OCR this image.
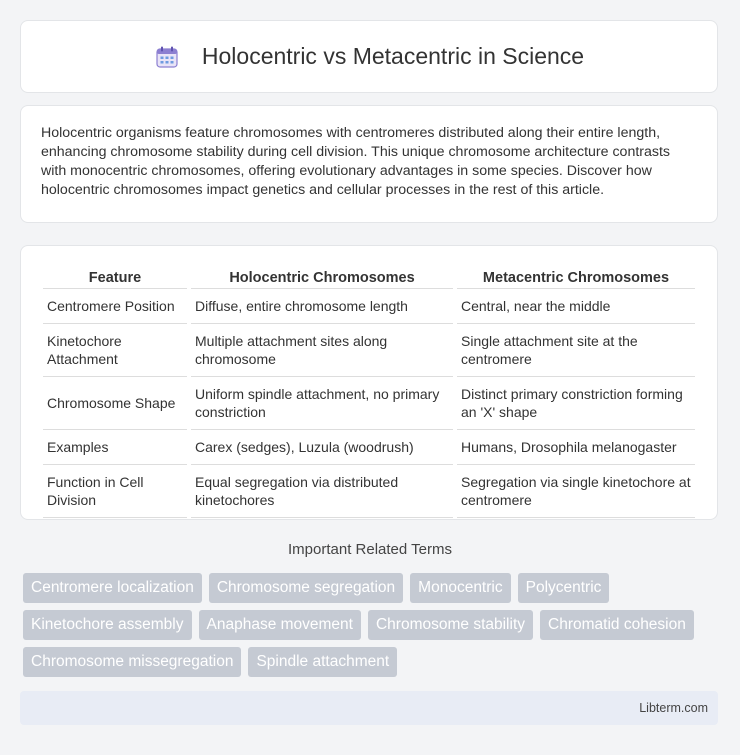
Holocentric vs Metacentric in Science

Holocentric organisms feature chromosomes with centromeres distributed along their entire length, enhancing chromosome stability during cell division. This unique chromosome architecture contrasts with monocentric chromosomes, offering evolutionary advantages in some species. Discover how holocentric chromosomes impact genetics and cellular processes in the rest of this article.

Feature	Holocentric Chromosomes	Metacentric Chromosomes
Centromere Position	Diffuse, entire chromosome length	Central, near the middle
Kinetochore Attachment	Multiple attachment sites along chromosome	Single attachment site at the centromere
Chromosome Shape	Uniform spindle attachment, no primary constriction	Distinct primary constriction forming an 'X' shape
Examples	Carex (sedges), Luzula (woodrush)	Humans, Drosophila melanogaster
Function in Cell Division	Equal segregation via distributed kinetochores	Segregation via single kinetochore at centromere
Important Related Terms
Centromere localization	Chromosome segregation	Monocentric	Polycentric
Kinetochore assembly	Anaphase movement	Chromosome stability	Chromatid cohesion
Chromosome missegregation	Spindle attachment
Libterm.com
